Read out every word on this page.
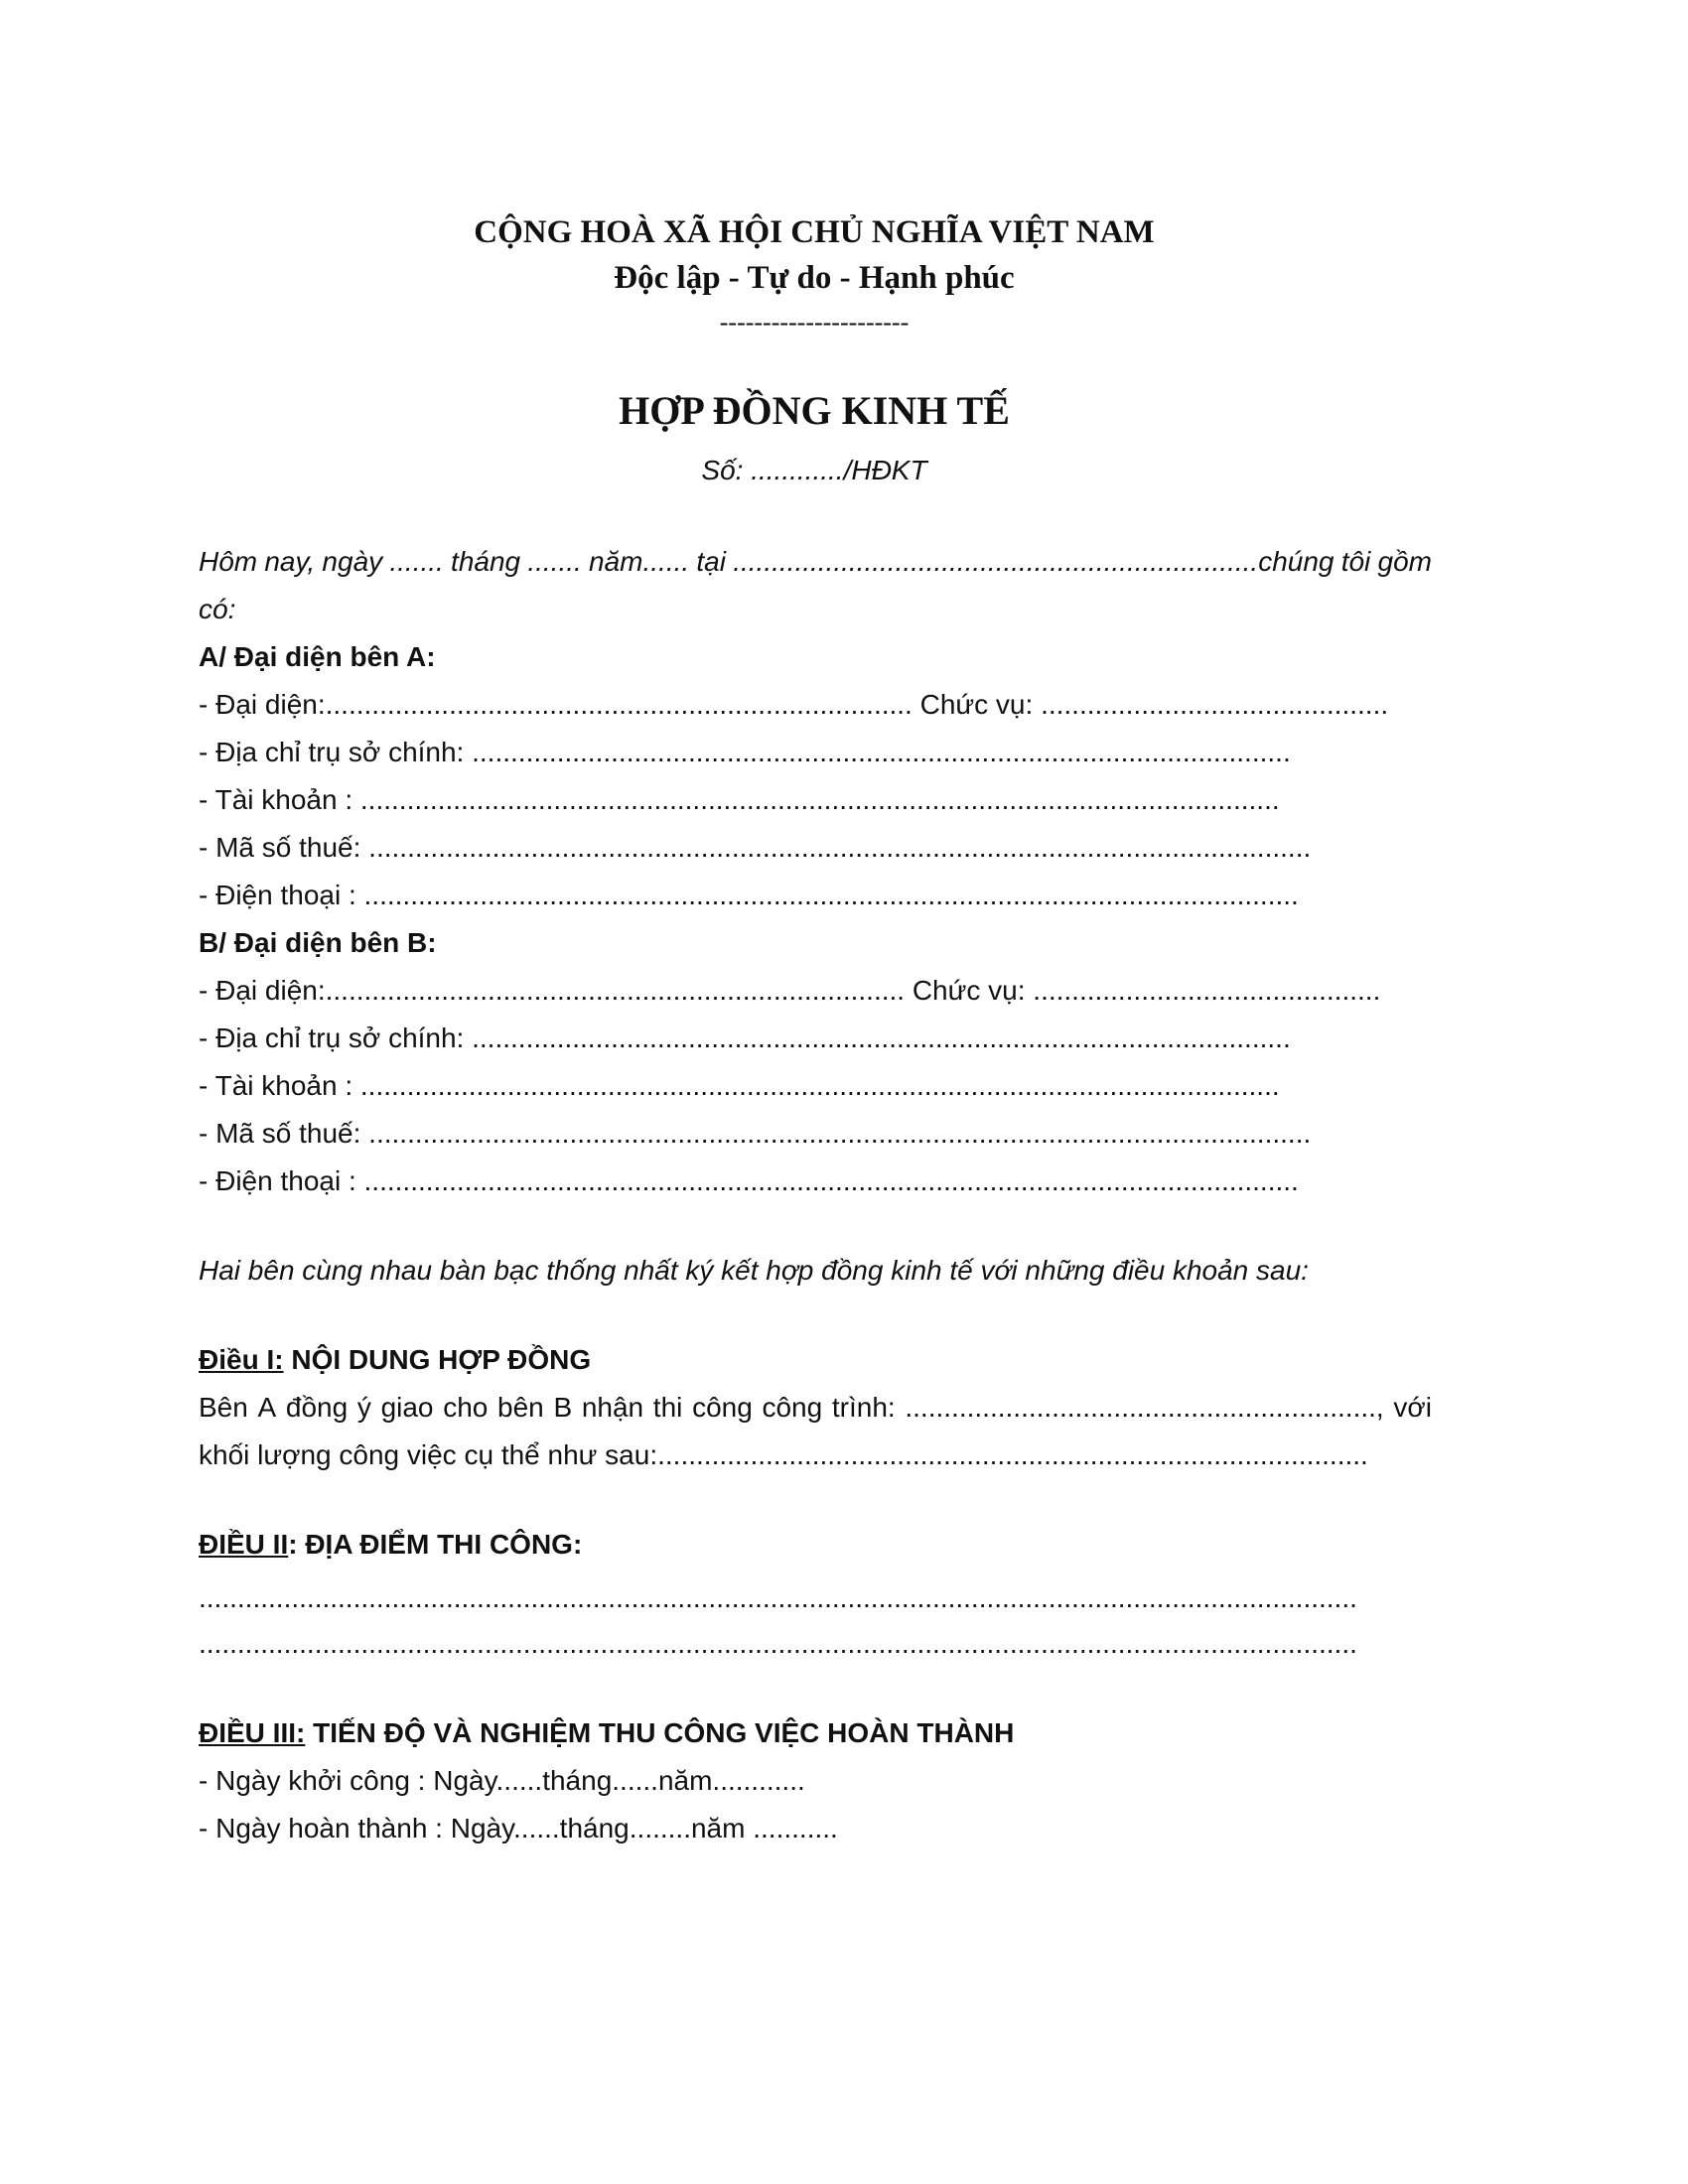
CỘNG HOÀ XÃ HỘI CHỦ NGHĨA VIỆT NAM
Độc lập - Tự do - Hạnh phúc
----------------------
HỢP ĐỒNG KINH TẾ
Số: ............/HĐKT
Hôm nay, ngày ....... tháng ....... năm...... tại ....................................................................chúng tôi gồm
có:
A/ Đại diện bên A:
- Đại diện:............................................................................ Chức vụ: .............................................
- Địa chỉ trụ sở chính: ..........................................................................................................
- Tài khoản : .......................................................................................................................
- Mã số thuế: ..........................................................................................................................
- Điện thoại : .........................................................................................................................
B/ Đại diện bên B:
- Đại diện:........................................................................... Chức vụ: .............................................
- Địa chỉ trụ sở chính: ..........................................................................................................
- Tài khoản : .......................................................................................................................
- Mã số thuế: ..........................................................................................................................
- Điện thoại : .........................................................................................................................
Hai bên cùng nhau bàn bạc thống nhất ký kết hợp đồng kinh tế với những điều khoản sau:
Điều I: NỘI DUNG HỢP ĐỒNG
Bên A đồng ý giao cho bên B nhận thi công công trình: ............................................................., với
khối lượng công việc cụ thể như sau:............................................................................................
ĐIỀU II: ĐỊA ĐIỂM THI CÔNG:
......................................................................................................................................................
......................................................................................................................................................
ĐIỀU III: TIẾN ĐỘ VÀ NGHIỆM THU CÔNG VIỆC HOÀN THÀNH
- Ngày khởi công : Ngày......tháng......năm............
- Ngày hoàn thành : Ngày......tháng........năm ...........
